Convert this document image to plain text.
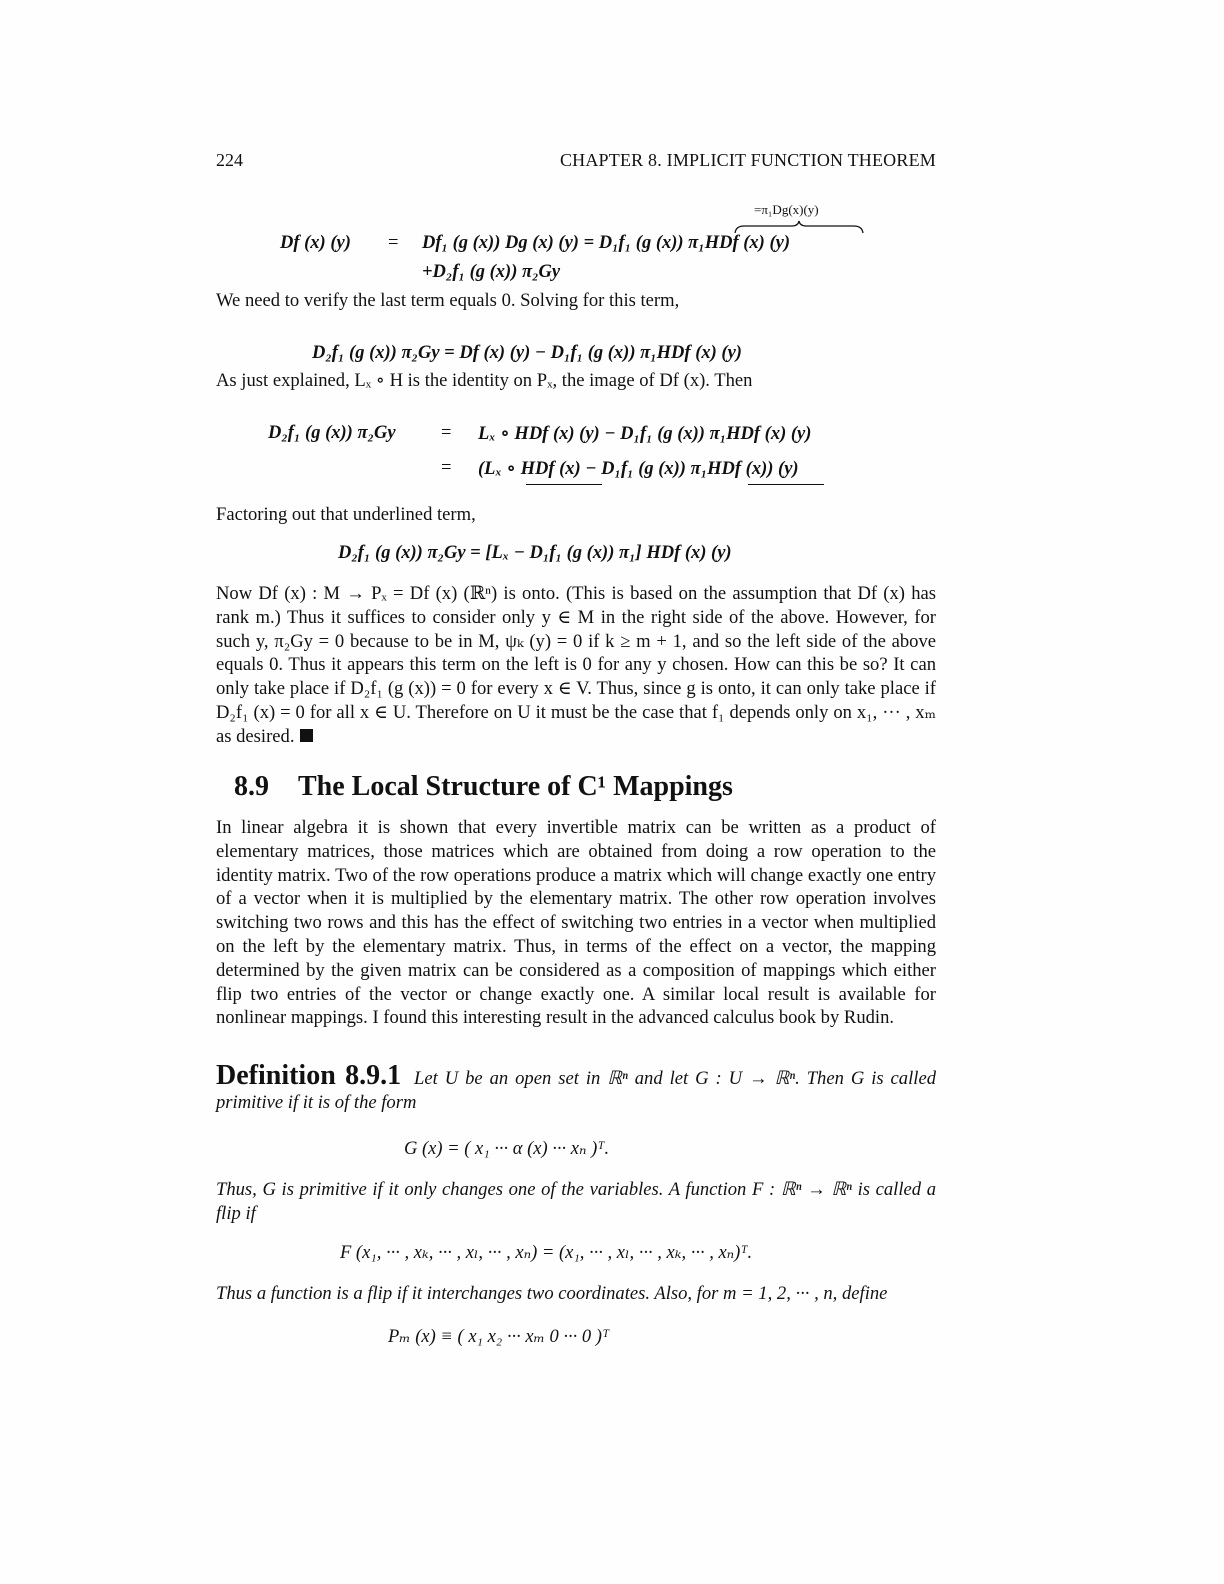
224	CHAPTER 8. IMPLICIT FUNCTION THEOREM
=π₁Dg(x)(y)
Df (x) (y) = Df₁ (g (x)) Dg (x) (y) = D₁f₁ (g (x)) π₁HDf (x) (y)
+D₂f₁ (g (x)) π₂Gy

We need to verify the last term equals 0. Solving for this term,

D₂f₁ (g (x)) π₂Gy = Df (x) (y) − D₁f₁ (g (x)) π₁HDf (x) (y)

As just explained, Lₓ ∘ H is the identity on Pₓ, the image of Df (x). Then

D₂f₁ (g (x)) π₂Gy = Lₓ ∘ HDf (x) (y) − D₁f₁ (g (x)) π₁HDf (x) (y)
= (Lₓ ∘ HDf (x) − D₁f₁ (g (x)) π₁HDf (x)) (y)

Factoring out that underlined term,

D₂f₁ (g (x)) π₂Gy = [Lₓ − D₁f₁ (g (x)) π₁] HDf (x) (y)

Now Df (x) : M → Pₓ = Df (x) (ℝⁿ) is onto. (This is based on the assumption that Df (x) has rank m.) Thus it suffices to consider only y ∈ M in the right side of the above. However, for such y, π₂Gy = 0 because to be in M, ψₖ (y) = 0 if k ≥ m + 1, and so the left side of the above equals 0. Thus it appears this term on the left is 0 for any y chosen. How can this be so? It can only take place if D₂f₁ (g (x)) = 0 for every x ∈ V. Thus, since g is onto, it can only take place if D₂f₁ (x) = 0 for all x ∈ U. Therefore on U it must be the case that f₁ depends only on x₁, ··· , xₘ as desired.

8.9 The Local Structure of C¹ Mappings

In linear algebra it is shown that every invertible matrix can be written as a product of elementary matrices, those matrices which are obtained from doing a row operation to the identity matrix. Two of the row operations produce a matrix which will change exactly one entry of a vector when it is multiplied by the elementary matrix. The other row operation involves switching two rows and this has the effect of switching two entries in a vector when multiplied on the left by the elementary matrix. Thus, in terms of the effect on a vector, the mapping determined by the given matrix can be considered as a composition of mappings which either flip two entries of the vector or change exactly one. A similar local result is available for nonlinear mappings. I found this interesting result in the advanced calculus book by Rudin.

Definition 8.9.1 Let U be an open set in ℝⁿ and let G : U → ℝⁿ. Then G is called primitive if it is of the form

G (x) = ( x₁ ··· α (x) ··· xₙ )ᵀ.

Thus, G is primitive if it only changes one of the variables. A function F : ℝⁿ → ℝⁿ is called a flip if

F (x₁, ··· , xₖ, ··· , xₗ, ··· , xₙ) = (x₁, ··· , xₗ, ··· , xₖ, ··· , xₙ)ᵀ.

Thus a function is a flip if it interchanges two coordinates. Also, for m = 1, 2, ··· , n, define

Pₘ (x) ≡ ( x₁ x₂ ··· xₘ 0 ··· 0 )ᵀ
